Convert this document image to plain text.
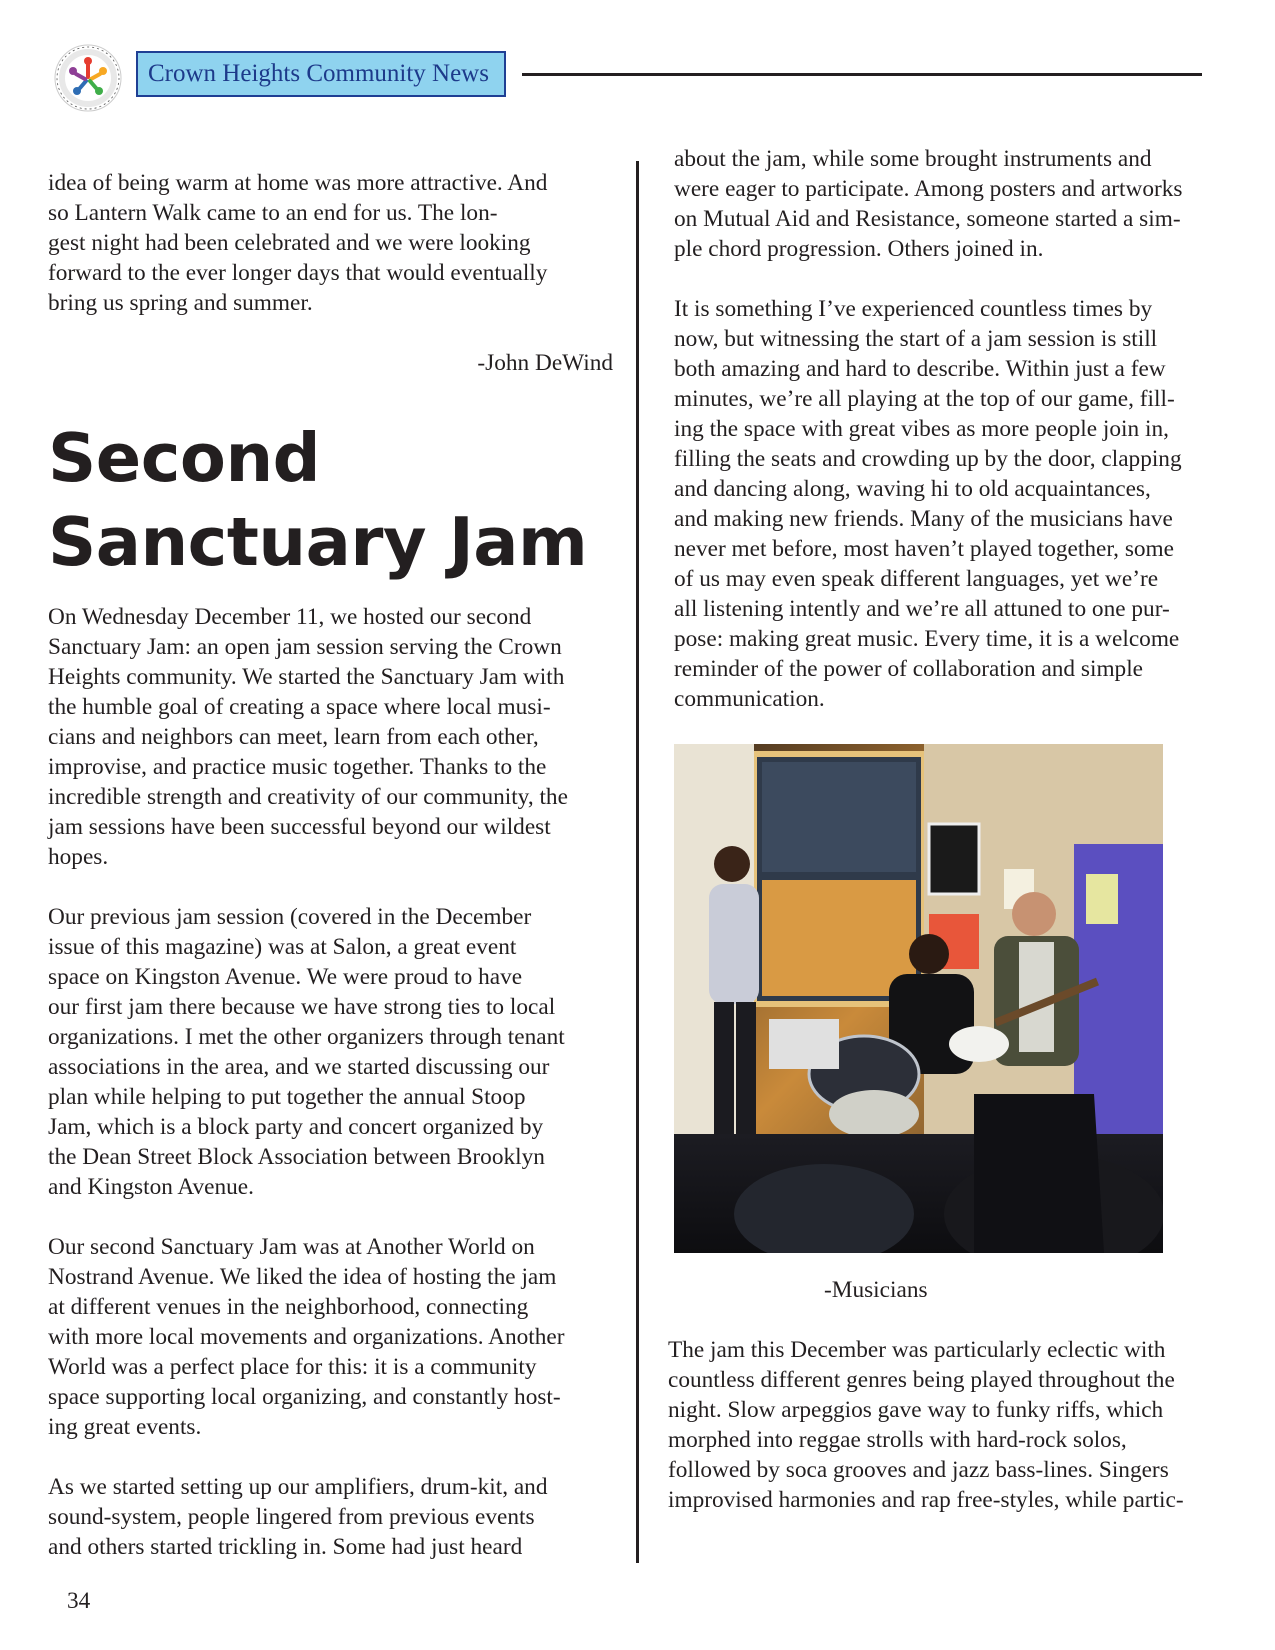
Crown Heights Community News

idea of being warm at home was more attractive. And
so Lantern Walk came to an end for us. The lon-
gest night had been celebrated and we were looking
forward to the ever longer days that would eventually
bring us spring and summer.

-John DeWind

Second
Sanctuary Jam

On Wednesday December 11, we hosted our second
Sanctuary Jam: an open jam session serving the Crown
Heights community. We started the Sanctuary Jam with
the humble goal of creating a space where local musi-
cians and neighbors can meet, learn from each other,
improvise, and practice music together. Thanks to the
incredible strength and creativity of our community, the
jam sessions have been successful beyond our wildest
hopes.

Our previous jam session (covered in the December
issue of this magazine) was at Salon, a great event
space on Kingston Avenue. We were proud to have
our first jam there because we have strong ties to local
organizations. I met the other organizers through tenant
associations in the area, and we started discussing our
plan while helping to put together the annual Stoop
Jam, which is a block party and concert organized by
the Dean Street Block Association between Brooklyn
and Kingston Avenue.

Our second Sanctuary Jam was at Another World on
Nostrand Avenue. We liked the idea of hosting the jam
at different venues in the neighborhood, connecting
with more local movements and organizations. Another
World was a perfect place for this: it is a community
space supporting local organizing, and constantly host-
ing great events.

As we started setting up our amplifiers, drum-kit, and
sound-system, people lingered from previous events
and others started trickling in. Some had just heard

about the jam, while some brought instruments and
were eager to participate. Among posters and artworks
on Mutual Aid and Resistance, someone started a sim-
ple chord progression. Others joined in.

It is something I’ve experienced countless times by
now, but witnessing the start of a jam session is still
both amazing and hard to describe. Within just a few
minutes, we’re all playing at the top of our game, fill-
ing the space with great vibes as more people join in,
filling the seats and crowding up by the door, clapping
and dancing along, waving hi to old acquaintances,
and making new friends. Many of the musicians have
never met before, most haven’t played together, some
of us may even speak different languages, yet we’re
all listening intently and we’re all attuned to one pur-
pose: making great music. Every time, it is a welcome
reminder of the power of collaboration and simple
communication.

-Musicians

The jam this December was particularly eclectic with
countless different genres being played throughout the
night. Slow arpeggios gave way to funky riffs, which
morphed into reggae strolls with hard-rock solos,
followed by soca grooves and jazz bass-lines. Singers
improvised harmonies and rap free-styles, while partic-

34
